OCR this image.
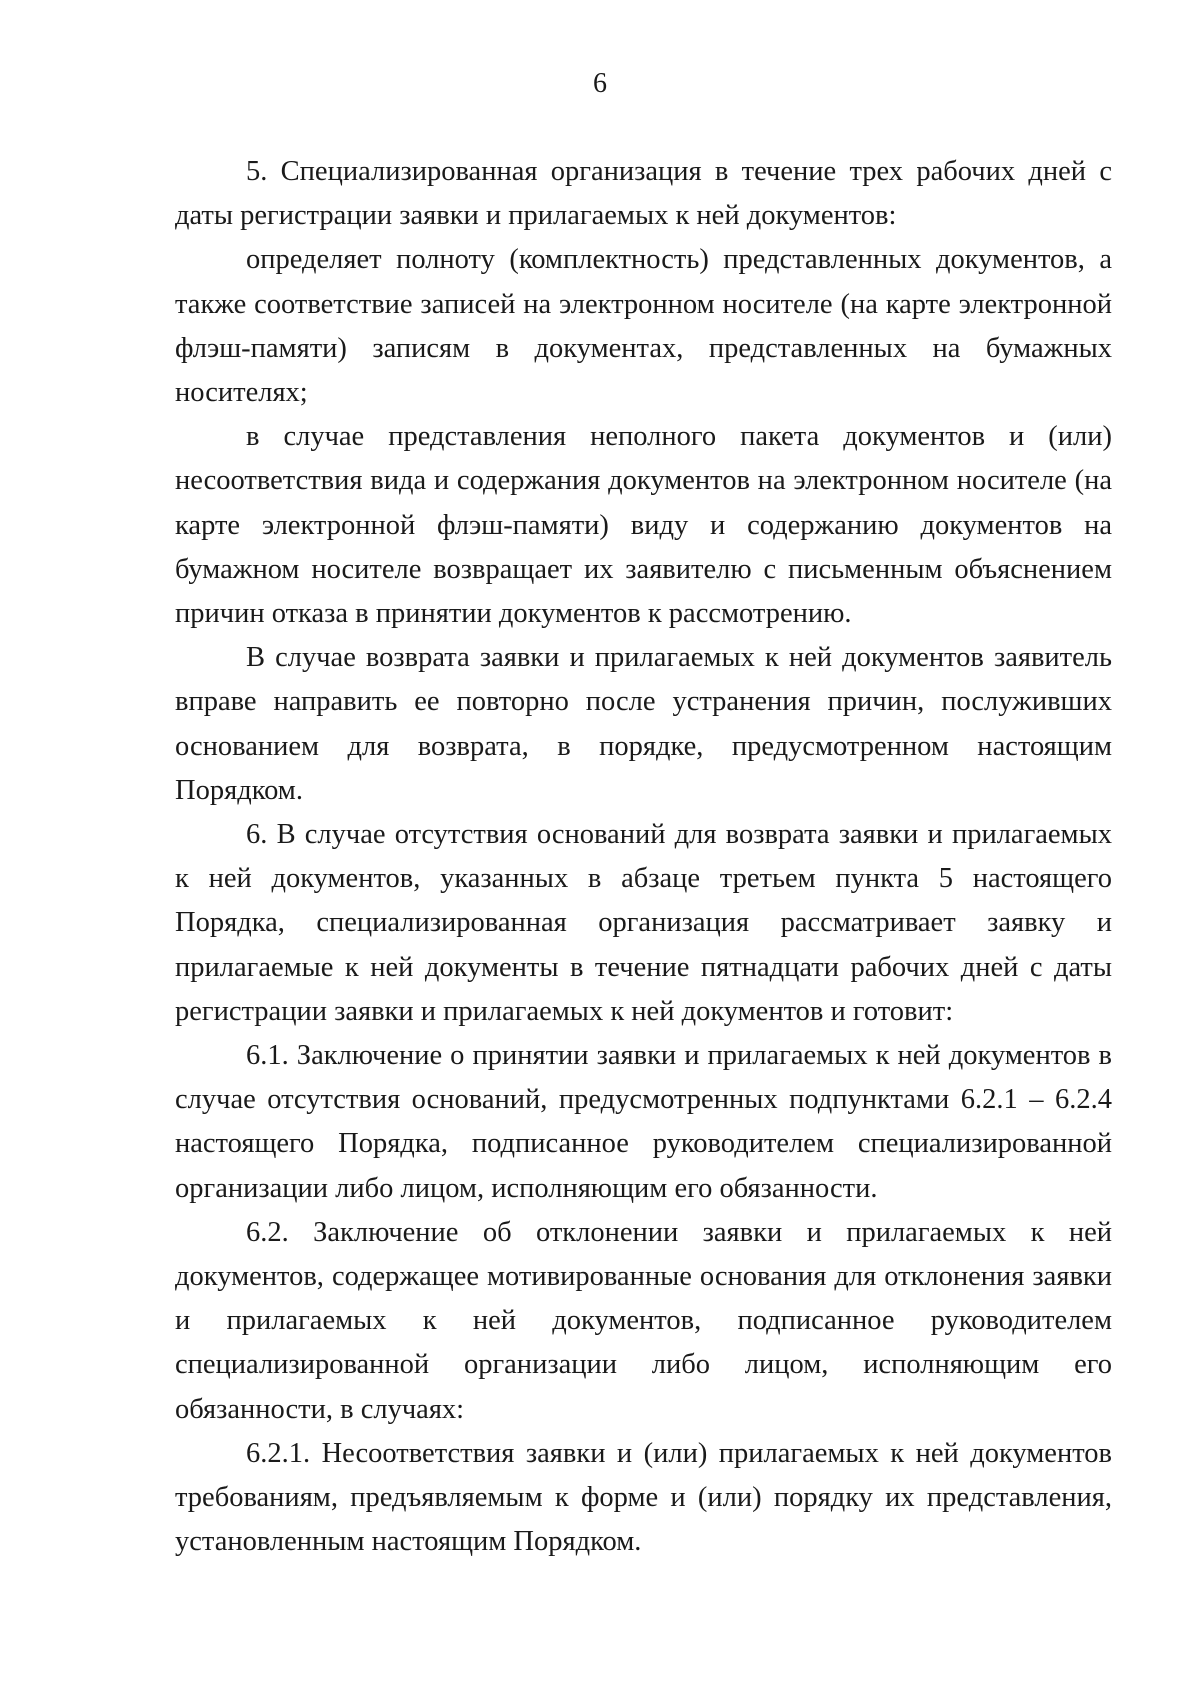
6

5. Специализированная организация в течение трех рабочих дней с даты регистрации заявки и прилагаемых к ней документов:

определяет полноту (комплектность) представленных документов, а также соответствие записей на электронном носителе (на карте электронной флэш-памяти) записям в документах, представленных на бумажных носителях;

в случае представления неполного пакета документов и (или) несоответствия вида и содержания документов на электронном носителе (на карте электронной флэш-памяти) виду и содержанию документов на бумажном носителе возвращает их заявителю с письменным объяснением причин отказа в принятии документов к рассмотрению.

В случае возврата заявки и прилагаемых к ней документов заявитель вправе направить ее повторно после устранения причин, послуживших основанием для возврата, в порядке, предусмотренном настоящим Порядком.

6. В случае отсутствия оснований для возврата заявки и прилагаемых к ней документов, указанных в абзаце третьем пункта 5 настоящего Порядка, специализированная организация рассматривает заявку и прилагаемые к ней документы в течение пятнадцати рабочих дней с даты регистрации заявки и прилагаемых к ней документов и готовит:

6.1. Заключение о принятии заявки и прилагаемых к ней документов в случае отсутствия оснований, предусмотренных подпунктами 6.2.1 – 6.2.4 настоящего Порядка, подписанное руководителем специализированной организации либо лицом, исполняющим его обязанности.

6.2. Заключение об отклонении заявки и прилагаемых к ней документов, содержащее мотивированные основания для отклонения заявки и прилагаемых к ней документов, подписанное руководителем специализированной организации либо лицом, исполняющим его обязанности, в случаях:

6.2.1. Несоответствия заявки и (или) прилагаемых к ней документов требованиям, предъявляемым к форме и (или) порядку их представления, установленным настоящим Порядком.
